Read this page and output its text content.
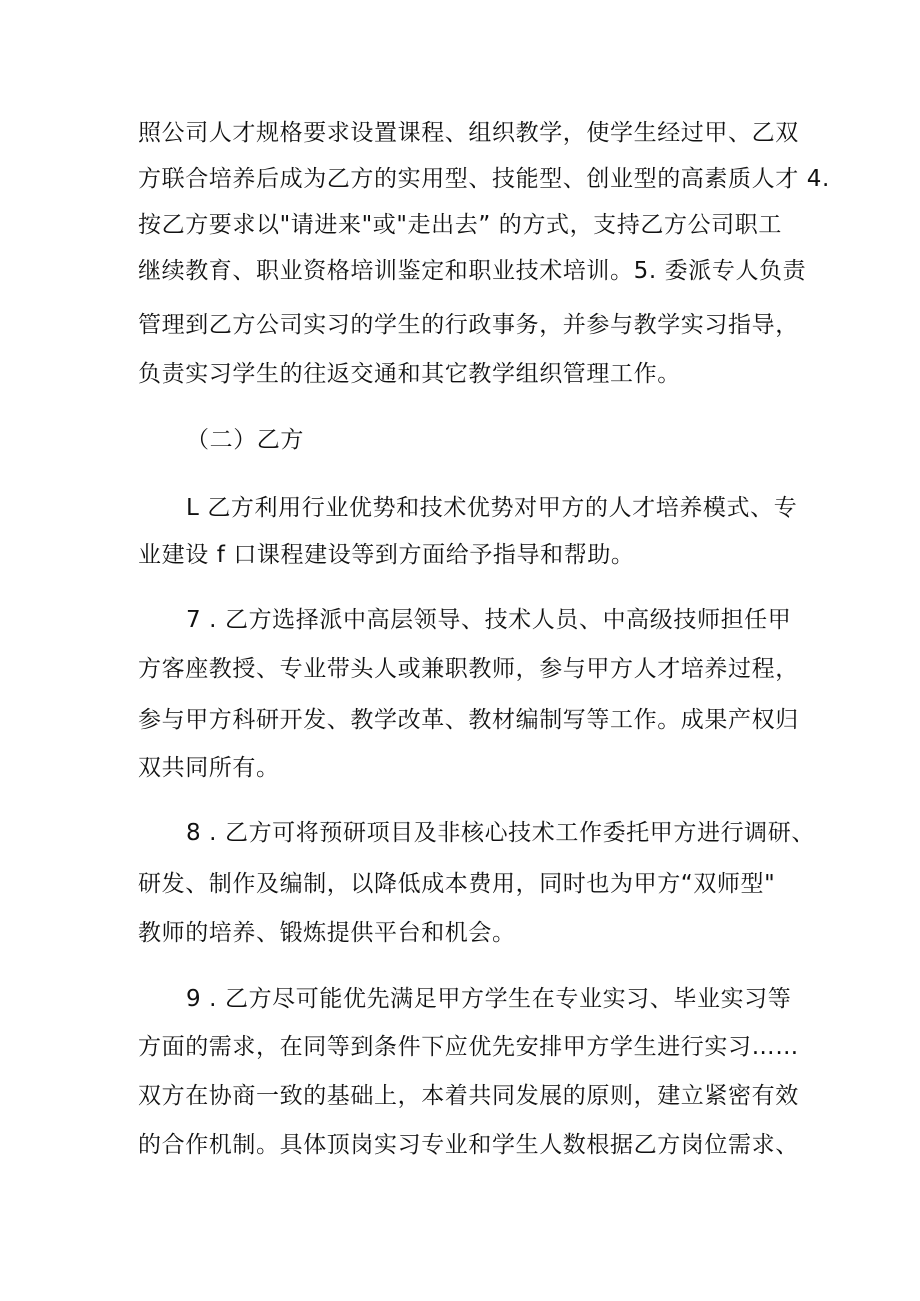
照公司人才规格要求设置课程、组织教学，使学生经过甲、乙双
方联合培养后成为乙方的实用型、技能型、创业型的高素质人才 4.
按乙方要求以"请进来"或"走出去” 的方式，支持乙方公司职工
继续教育、职业资格培训鉴定和职业技术培训。5. 委派专人负责
管理到乙方公司实习的学生的行政事务，并参与教学实习指导，
负责实习学生的往返交通和其它教学组织管理工作。
（二）乙方
L 乙方利用行业优势和技术优势对甲方的人才培养模式、专
业建设 f 口课程建设等到方面给予指导和帮助。
7 . 乙方选择派中高层领导、技术人员、中高级技师担任甲
方客座教授、专业带头人或兼职教师，参与甲方人才培养过程，
参与甲方科研开发、教学改革、教材编制写等工作。成果产权归
双共同所有。
8 . 乙方可将预研项目及非核心技术工作委托甲方进行调研、
研发、制作及编制，以降低成本费用，同时也为甲方“双师型"
教师的培养、锻炼提供平台和机会。
9 . 乙方尽可能优先满足甲方学生在专业实习、毕业实习等
方面的需求，在同等到条件下应优先安排甲方学生进行实习……
双方在协商一致的基础上，本着共同发展的原则，建立紧密有效
的合作机制。具体顶岗实习专业和学生人数根据乙方岗位需求、
